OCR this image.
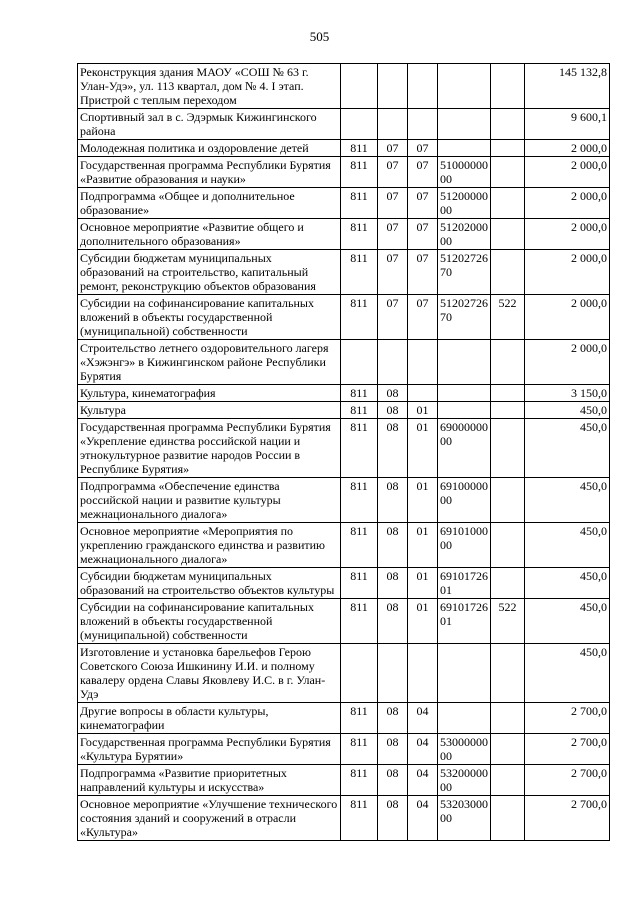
505
Реконструкция здания МАОУ «СОШ № 63 г. Улан-Удэ», ул. 113 квартал, дом № 4. I этап. Пристрой с теплым переходом						145 132,8
Спортивный зал в с. Эдэрмык Кижингинского района						9 600,1
Молодежная политика и оздоровление детей	811	07	07			2 000,0
Государственная программа Республики Бурятия «Развитие образования и науки»	811	07	07	5100000000		2 000,0
Подпрограмма «Общее и дополнительное образование»	811	07	07	5120000000		2 000,0
Основное мероприятие «Развитие общего и дополнительного образования»	811	07	07	5120200000		2 000,0
Субсидии бюджетам муниципальных образований на строительство, капитальный ремонт, реконструкцию объектов образования	811	07	07	5120272670		2 000,0
Субсидии на софинансирование капитальных вложений в объекты государственной (муниципальной) собственности	811	07	07	5120272670	522	2 000,0
Строительство летнего оздоровительного лагеря «Хэжэнгэ» в Кижингинском районе Республики Бурятия						2 000,0
Культура, кинематография	811	08				3 150,0
Культура	811	08	01			450,0
Государственная программа Республики Бурятия «Укрепление единства российской нации и этнокультурное развитие народов России в Республике Бурятия»	811	08	01	6900000000		450,0
Подпрограмма «Обеспечение единства российской нации и развитие культуры межнационального диалога»	811	08	01	6910000000		450,0
Основное мероприятие «Мероприятия по укреплению гражданского единства и развитию межнационального диалога»	811	08	01	6910100000		450,0
Субсидии бюджетам муниципальных образований на строительство объектов культуры	811	08	01	6910172601		450,0
Субсидии на софинансирование капитальных вложений в объекты государственной (муниципальной) собственности	811	08	01	6910172601	522	450,0
Изготовление и установка барельефов Герою Советского Союза Ишкинину И.И. и полному кавалеру ордена Славы Яковлеву И.С. в г. Улан-Удэ						450,0
Другие вопросы в области культуры, кинематографии	811	08	04			2 700,0
Государственная программа Республики Бурятия «Культура Бурятии»	811	08	04	5300000000		2 700,0
Подпрограмма «Развитие приоритетных направлений культуры и искусства»	811	08	04	5320000000		2 700,0
Основное мероприятие «Улучшение технического состояния зданий и сооружений в отрасли «Культура»	811	08	04	5320300000		2 700,0
